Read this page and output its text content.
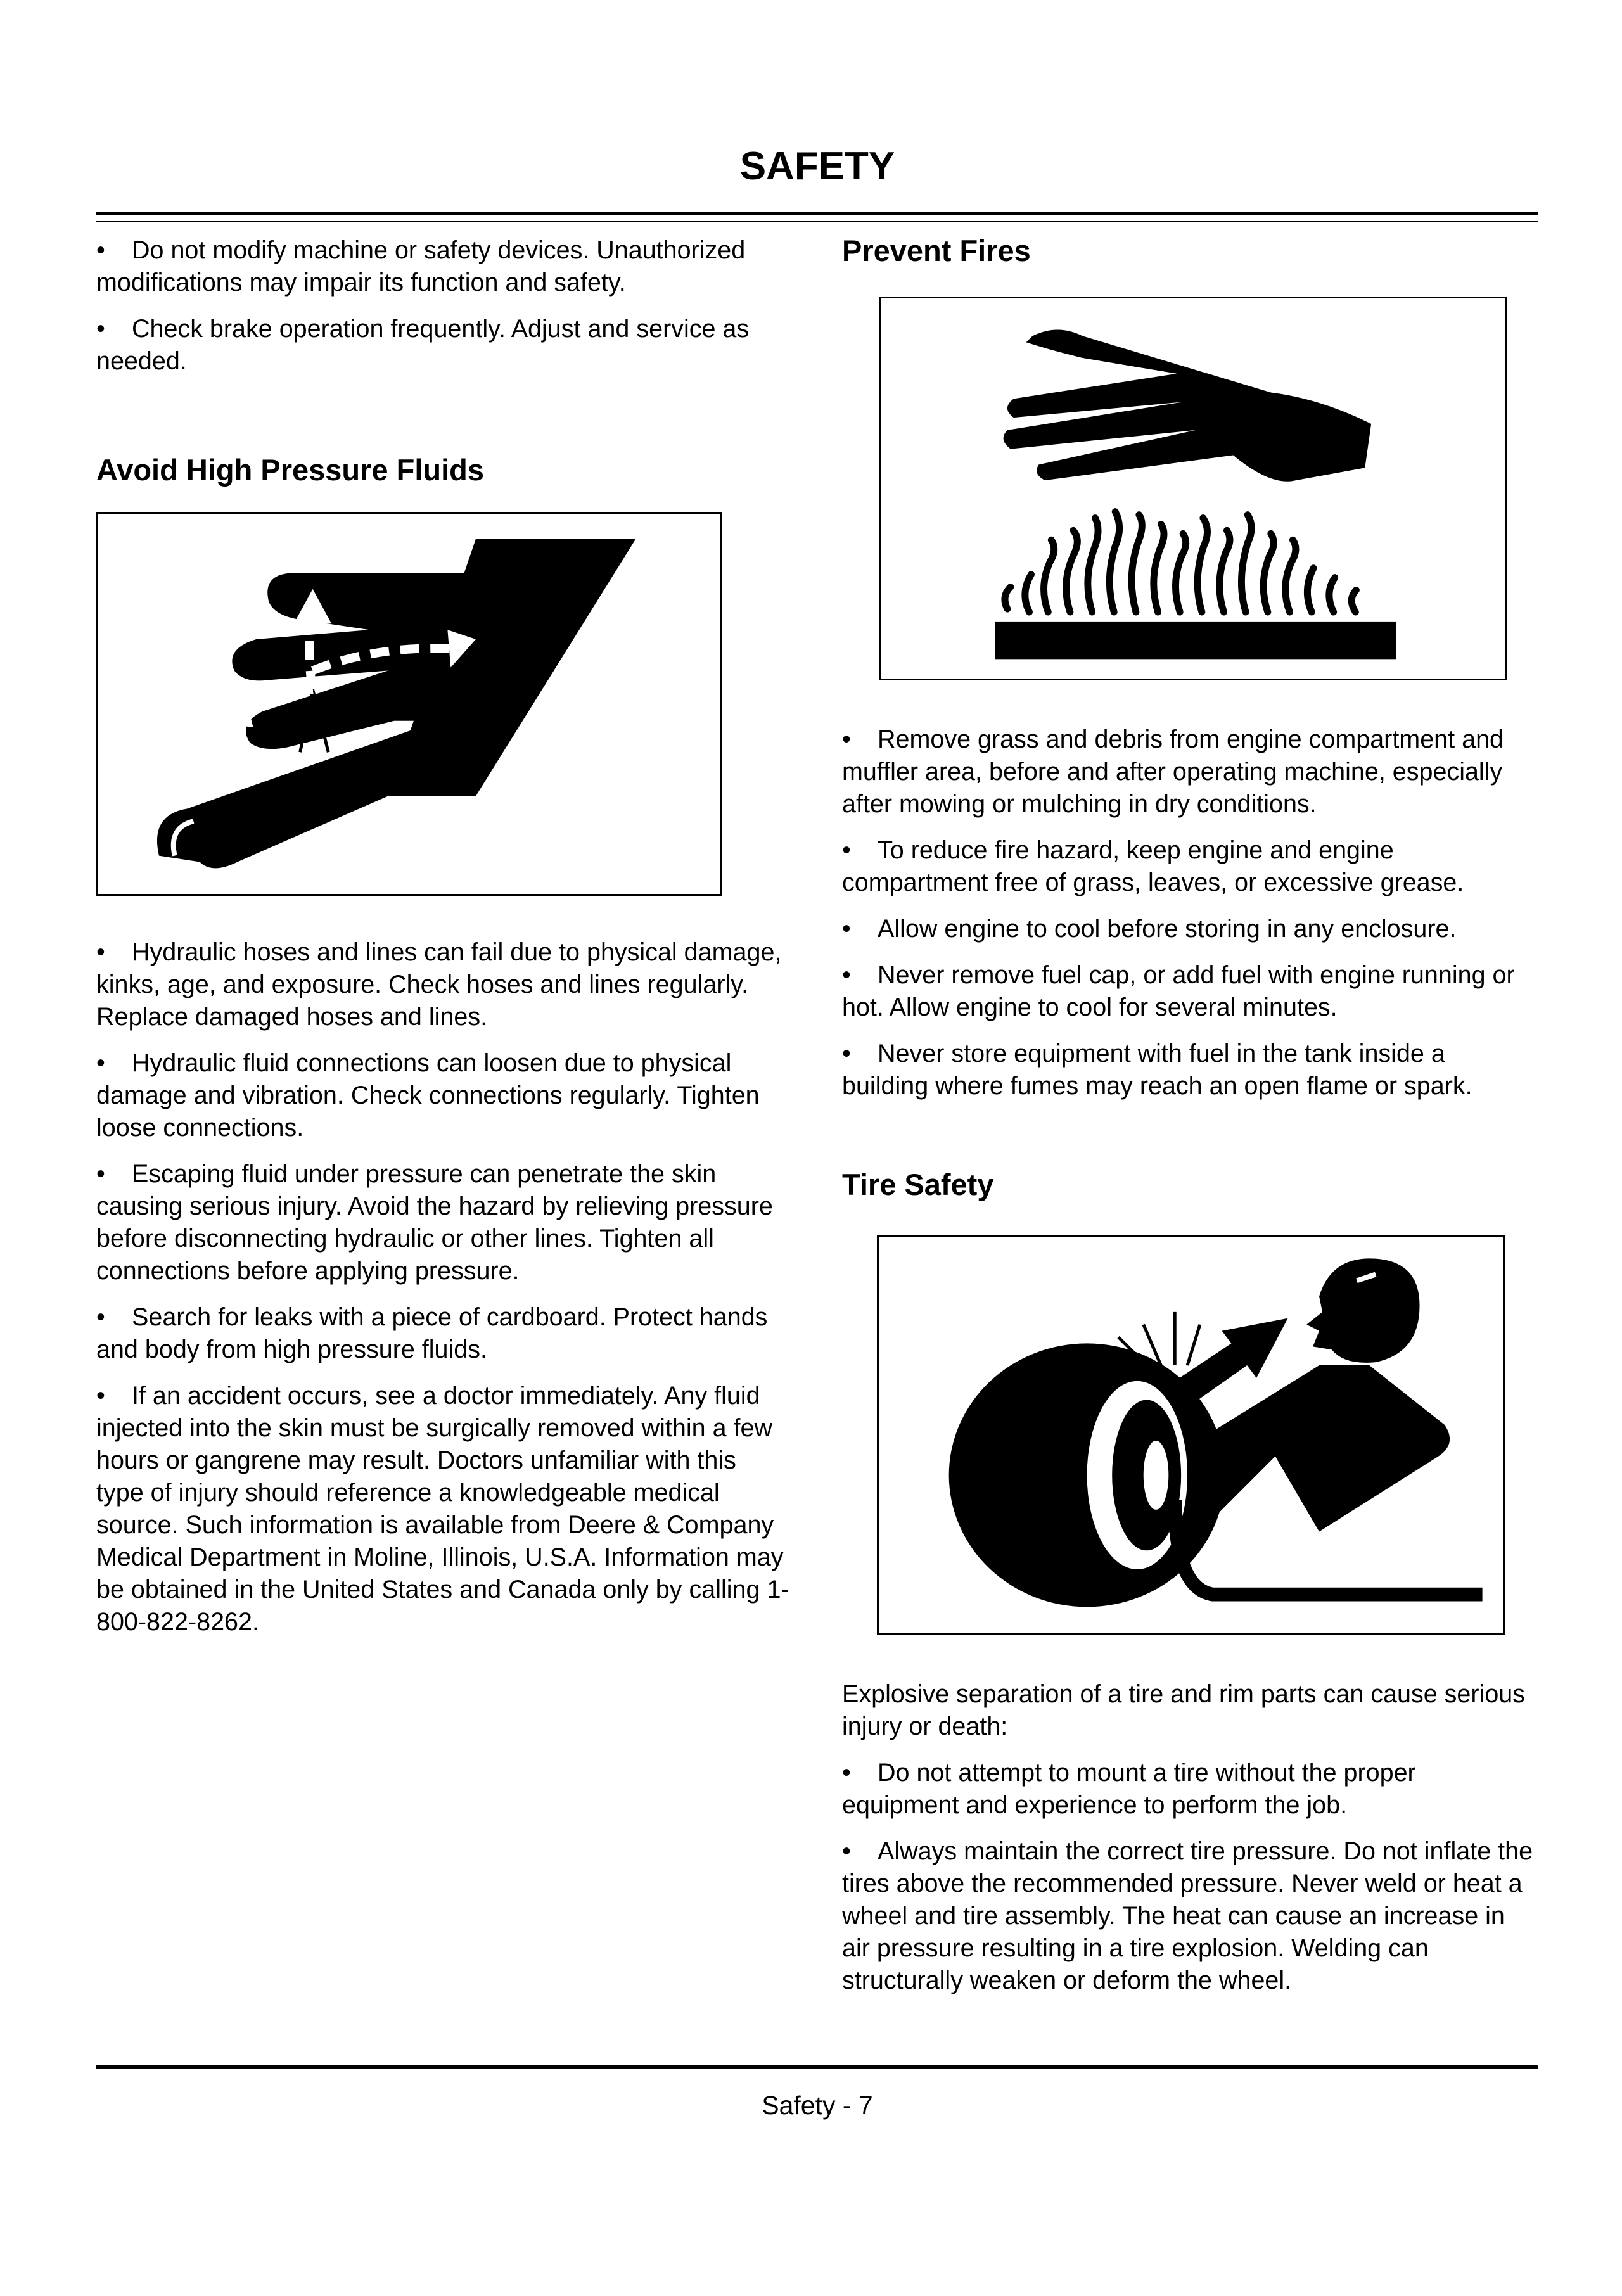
SAFETY

• Do not modify machine or safety devices. Unauthorized modifications may impair its function and safety.

• Check brake operation frequently. Adjust and service as needed.

Avoid High Pressure Fluids

• Hydraulic hoses and lines can fail due to physical damage, kinks, age, and exposure. Check hoses and lines regularly. Replace damaged hoses and lines.

• Hydraulic fluid connections can loosen due to physical damage and vibration. Check connections regularly. Tighten loose connections.

• Escaping fluid under pressure can penetrate the skin causing serious injury. Avoid the hazard by relieving pressure before disconnecting hydraulic or other lines. Tighten all connections before applying pressure.

• Search for leaks with a piece of cardboard. Protect hands and body from high pressure fluids.

• If an accident occurs, see a doctor immediately. Any fluid injected into the skin must be surgically removed within a few hours or gangrene may result. Doctors unfamiliar with this type of injury should reference a knowledgeable medical source. Such information is available from Deere & Company Medical Department in Moline, Illinois, U.S.A. Information may be obtained in the United States and Canada only by calling 1-800-822-8262.

Prevent Fires

• Remove grass and debris from engine compartment and muffler area, before and after operating machine, especially after mowing or mulching in dry conditions.

• To reduce fire hazard, keep engine and engine compartment free of grass, leaves, or excessive grease.

• Allow engine to cool before storing in any enclosure.

• Never remove fuel cap, or add fuel with engine running or hot. Allow engine to cool for several minutes.

• Never store equipment with fuel in the tank inside a building where fumes may reach an open flame or spark.

Tire Safety

Explosive separation of a tire and rim parts can cause serious injury or death:

• Do not attempt to mount a tire without the proper equipment and experience to perform the job.

• Always maintain the correct tire pressure. Do not inflate the tires above the recommended pressure. Never weld or heat a wheel and tire assembly. The heat can cause an increase in air pressure resulting in a tire explosion. Welding can structurally weaken or deform the wheel.

Safety - 7
